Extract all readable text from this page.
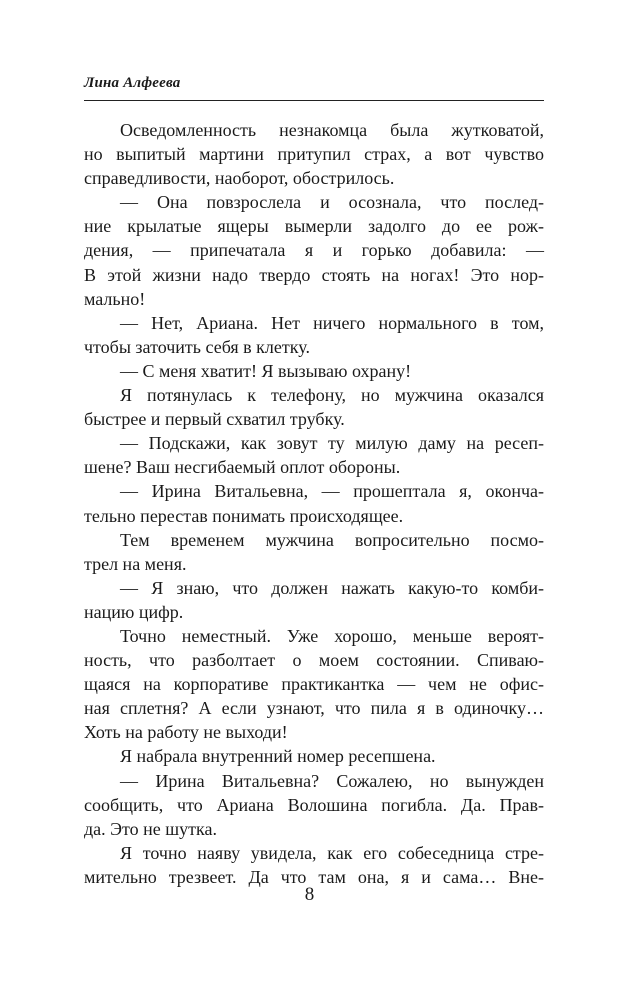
Лина Алфеева
Осведомленность незнакомца была жутковатой,
но выпитый мартини притупил страх, а вот чувство
справедливости, наоборот, обострилось.
— Она повзрослела и осознала, что послед-
ние крылатые ящеры вымерли задолго до ее рож-
дения, — припечатала я и горько добавила: —
В этой жизни надо твердо стоять на ногах! Это нор-
мально!
— Нет, Ариана. Нет ничего нормального в том,
чтобы заточить себя в клетку.
— С меня хватит! Я вызываю охрану!
Я потянулась к телефону, но мужчина оказался
быстрее и первый схватил трубку.
— Подскажи, как зовут ту милую даму на ресеп-
шене? Ваш несгибаемый оплот обороны.
— Ирина Витальевна, — прошептала я, оконча-
тельно перестав понимать происходящее.
Тем временем мужчина вопросительно посмо-
трел на меня.
— Я знаю, что должен нажать какую-то комби-
нацию цифр.
Точно неместный. Уже хорошо, меньше вероят-
ность, что разболтает о моем состоянии. Спиваю-
щаяся на корпоративе практикантка — чем не офис-
ная сплетня? А если узнают, что пила я в одиночку…
Хоть на работу не выходи!
Я набрала внутренний номер ресепшена.
— Ирина Витальевна? Сожалею, но вынужден
сообщить, что Ариана Волошина погибла. Да. Прав-
да. Это не шутка.
Я точно наяву увидела, как его собеседница стре-
мительно трезвеет. Да что там она, я и сама… Вне-
8
